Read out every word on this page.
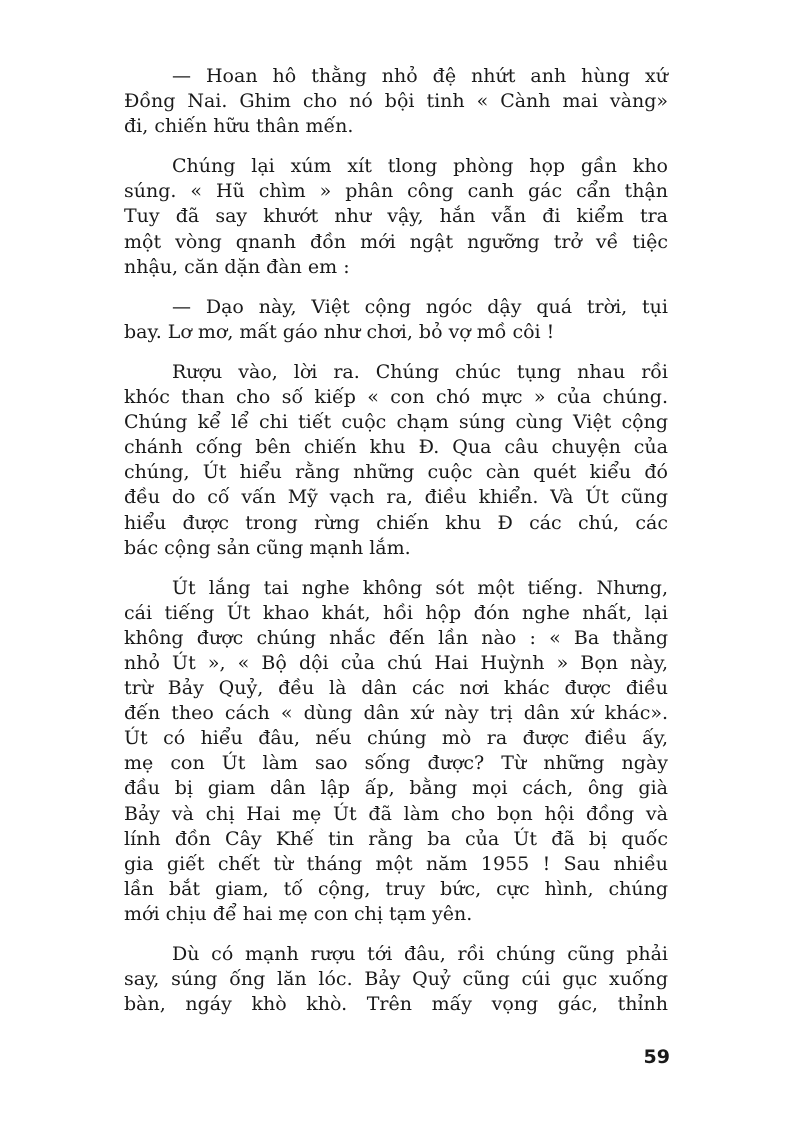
— Hoan hô thằng nhỏ đệ nhứt anh hùng xứ
Đồng Nai. Ghim cho nó bội tinh « Cành mai vàng»
đi, chiến hữu thân mến.

Chúng lại xúm xít tlong phòng họp gần kho
súng. « Hũ chìm » phân công canh gác cẩn thận
Tuy đã say khướt như vậy, hắn vẫn đi kiểm tra
một vòng qnanh đồn mới ngật ngưỡng trở về tiệc
nhậu, căn dặn đàn em :

— Dạo này, Việt cộng ngóc dậy quá trời, tụi
bay. Lơ mơ, mất gáo như chơi, bỏ vợ mồ côi !

Rượu vào, lời ra. Chúng chúc tụng nhau rồi
khóc than cho số kiếp « con chó mực » của chúng.
Chúng kể lể chi tiết cuộc chạm súng cùng Việt cộng
chánh cống bên chiến khu Đ. Qua câu chuyện của
chúng, Út hiểu rằng những cuộc càn quét kiểu đó
đều do cố vấn Mỹ vạch ra, điều khiển. Và Út cũng
hiểu được trong rừng chiến khu Đ các chú, các
bác cộng sản cũng mạnh lắm.

Út lắng tai nghe không sót một tiếng. Nhưng,
cái tiếng Út khao khát, hồi hộp đón nghe nhất, lại
không được chúng nhắc đến lần nào : « Ba thằng
nhỏ Út », « Bộ dội của chú Hai Huỳnh » Bọn này,
trừ Bảy Quỷ, đều là dân các nơi khác được điều
đến theo cách « dùng dân xứ này trị dân xứ khác».
Út có hiểu đâu, nếu chúng mò ra được điều ấy,
mẹ con Út làm sao sống được? Từ những ngày
đầu bị giam dân lập ấp, bằng mọi cách, ông già
Bảy và chị Hai mẹ Út đã làm cho bọn hội đồng và
lính đồn Cây Khế tin rằng ba của Út đã bị quốc
gia giết chết từ tháng một năm 1955 ! Sau nhiều
lần bắt giam, tố cộng, truy bức, cực hình, chúng
mới chịu để hai mẹ con chị tạm yên.

Dù có mạnh rượu tới đâu, rồi chúng cũng phải
say, súng ống lăn lóc. Bảy Quỷ cũng cúi gục xuống
bàn, ngáy khò khò. Trên mấy vọng gác, thỉnh

59
